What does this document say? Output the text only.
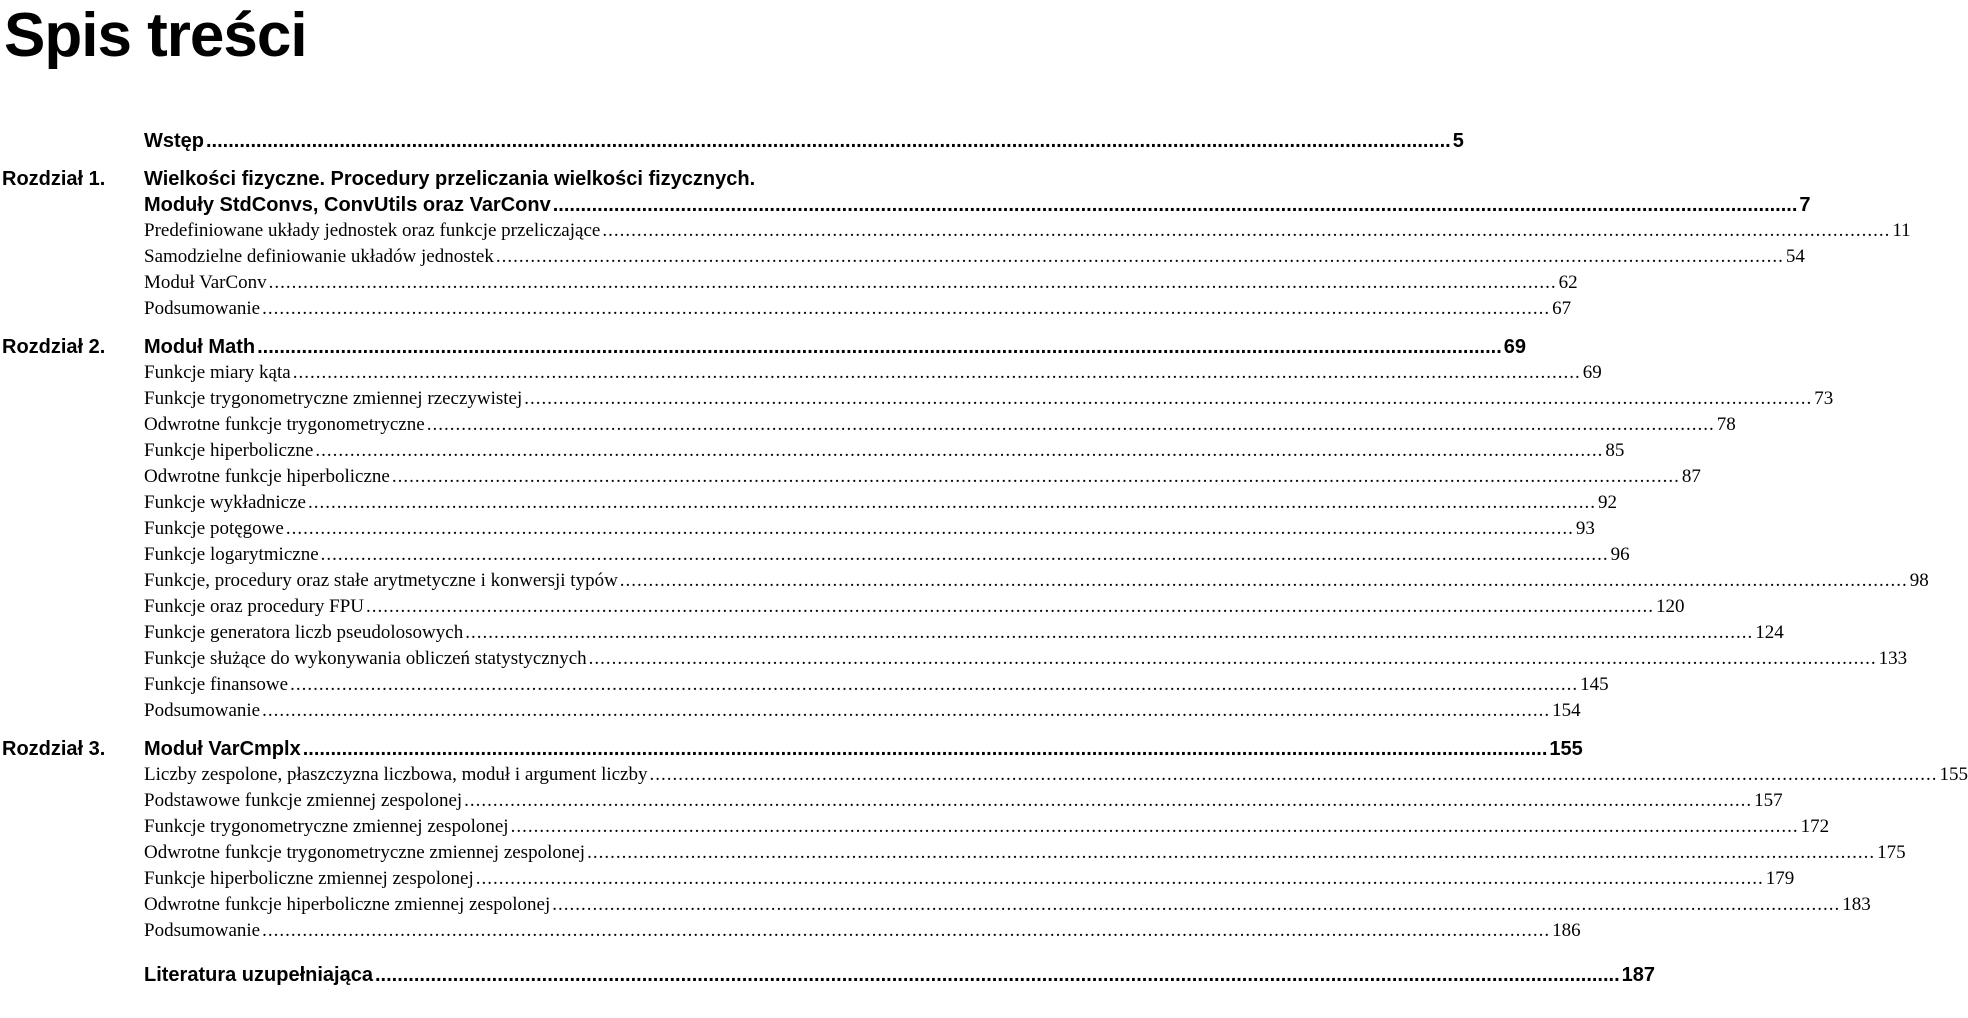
Spis treści
Wstęp ................................................................................................................................................................................................................................ 5
Rozdział 1. Wielkości fizyczne. Procedury przeliczania wielkości fizycznych.
Moduły StdConvs, ConvUtils oraz VarConv ................................................................................................................................................................................................................................ 7
Predefiniowane układy jednostek oraz funkcje przeliczające ................................................................................................................................................................................................................................ 11
Samodzielne definiowanie układów jednostek ................................................................................................................................................................................................................................ 54
Moduł VarConv ................................................................................................................................................................................................................................ 62
Podsumowanie ................................................................................................................................................................................................................................ 67
Rozdział 2. Moduł Math ................................................................................................................................................................................................................................ 69
Funkcje miary kąta ................................................................................................................................................................................................................................ 69
Funkcje trygonometryczne zmiennej rzeczywistej ................................................................................................................................................................................................................................ 73
Odwrotne funkcje trygonometryczne ................................................................................................................................................................................................................................ 78
Funkcje hiperboliczne ................................................................................................................................................................................................................................ 85
Odwrotne funkcje hiperboliczne ................................................................................................................................................................................................................................ 87
Funkcje wykładnicze ................................................................................................................................................................................................................................ 92
Funkcje potęgowe ................................................................................................................................................................................................................................ 93
Funkcje logarytmiczne ................................................................................................................................................................................................................................ 96
Funkcje, procedury oraz stałe arytmetyczne i konwersji typów ................................................................................................................................................................................................................................ 98
Funkcje oraz procedury FPU ................................................................................................................................................................................................................................ 120
Funkcje generatora liczb pseudolosowych ................................................................................................................................................................................................................................ 124
Funkcje służące do wykonywania obliczeń statystycznych ................................................................................................................................................................................................................................ 133
Funkcje finansowe ................................................................................................................................................................................................................................ 145
Podsumowanie ................................................................................................................................................................................................................................ 154
Rozdział 3. Moduł VarCmplx ................................................................................................................................................................................................................................ 155
Liczby zespolone, płaszczyzna liczbowa, moduł i argument liczby ................................................................................................................................................................................................................................ 155
Podstawowe funkcje zmiennej zespolonej ................................................................................................................................................................................................................................ 157
Funkcje trygonometryczne zmiennej zespolonej ................................................................................................................................................................................................................................ 172
Odwrotne funkcje trygonometryczne zmiennej zespolonej ................................................................................................................................................................................................................................ 175
Funkcje hiperboliczne zmiennej zespolonej ................................................................................................................................................................................................................................ 179
Odwrotne funkcje hiperboliczne zmiennej zespolonej ................................................................................................................................................................................................................................ 183
Podsumowanie ................................................................................................................................................................................................................................ 186
Literatura uzupełniająca ................................................................................................................................................................................................................................ 187
